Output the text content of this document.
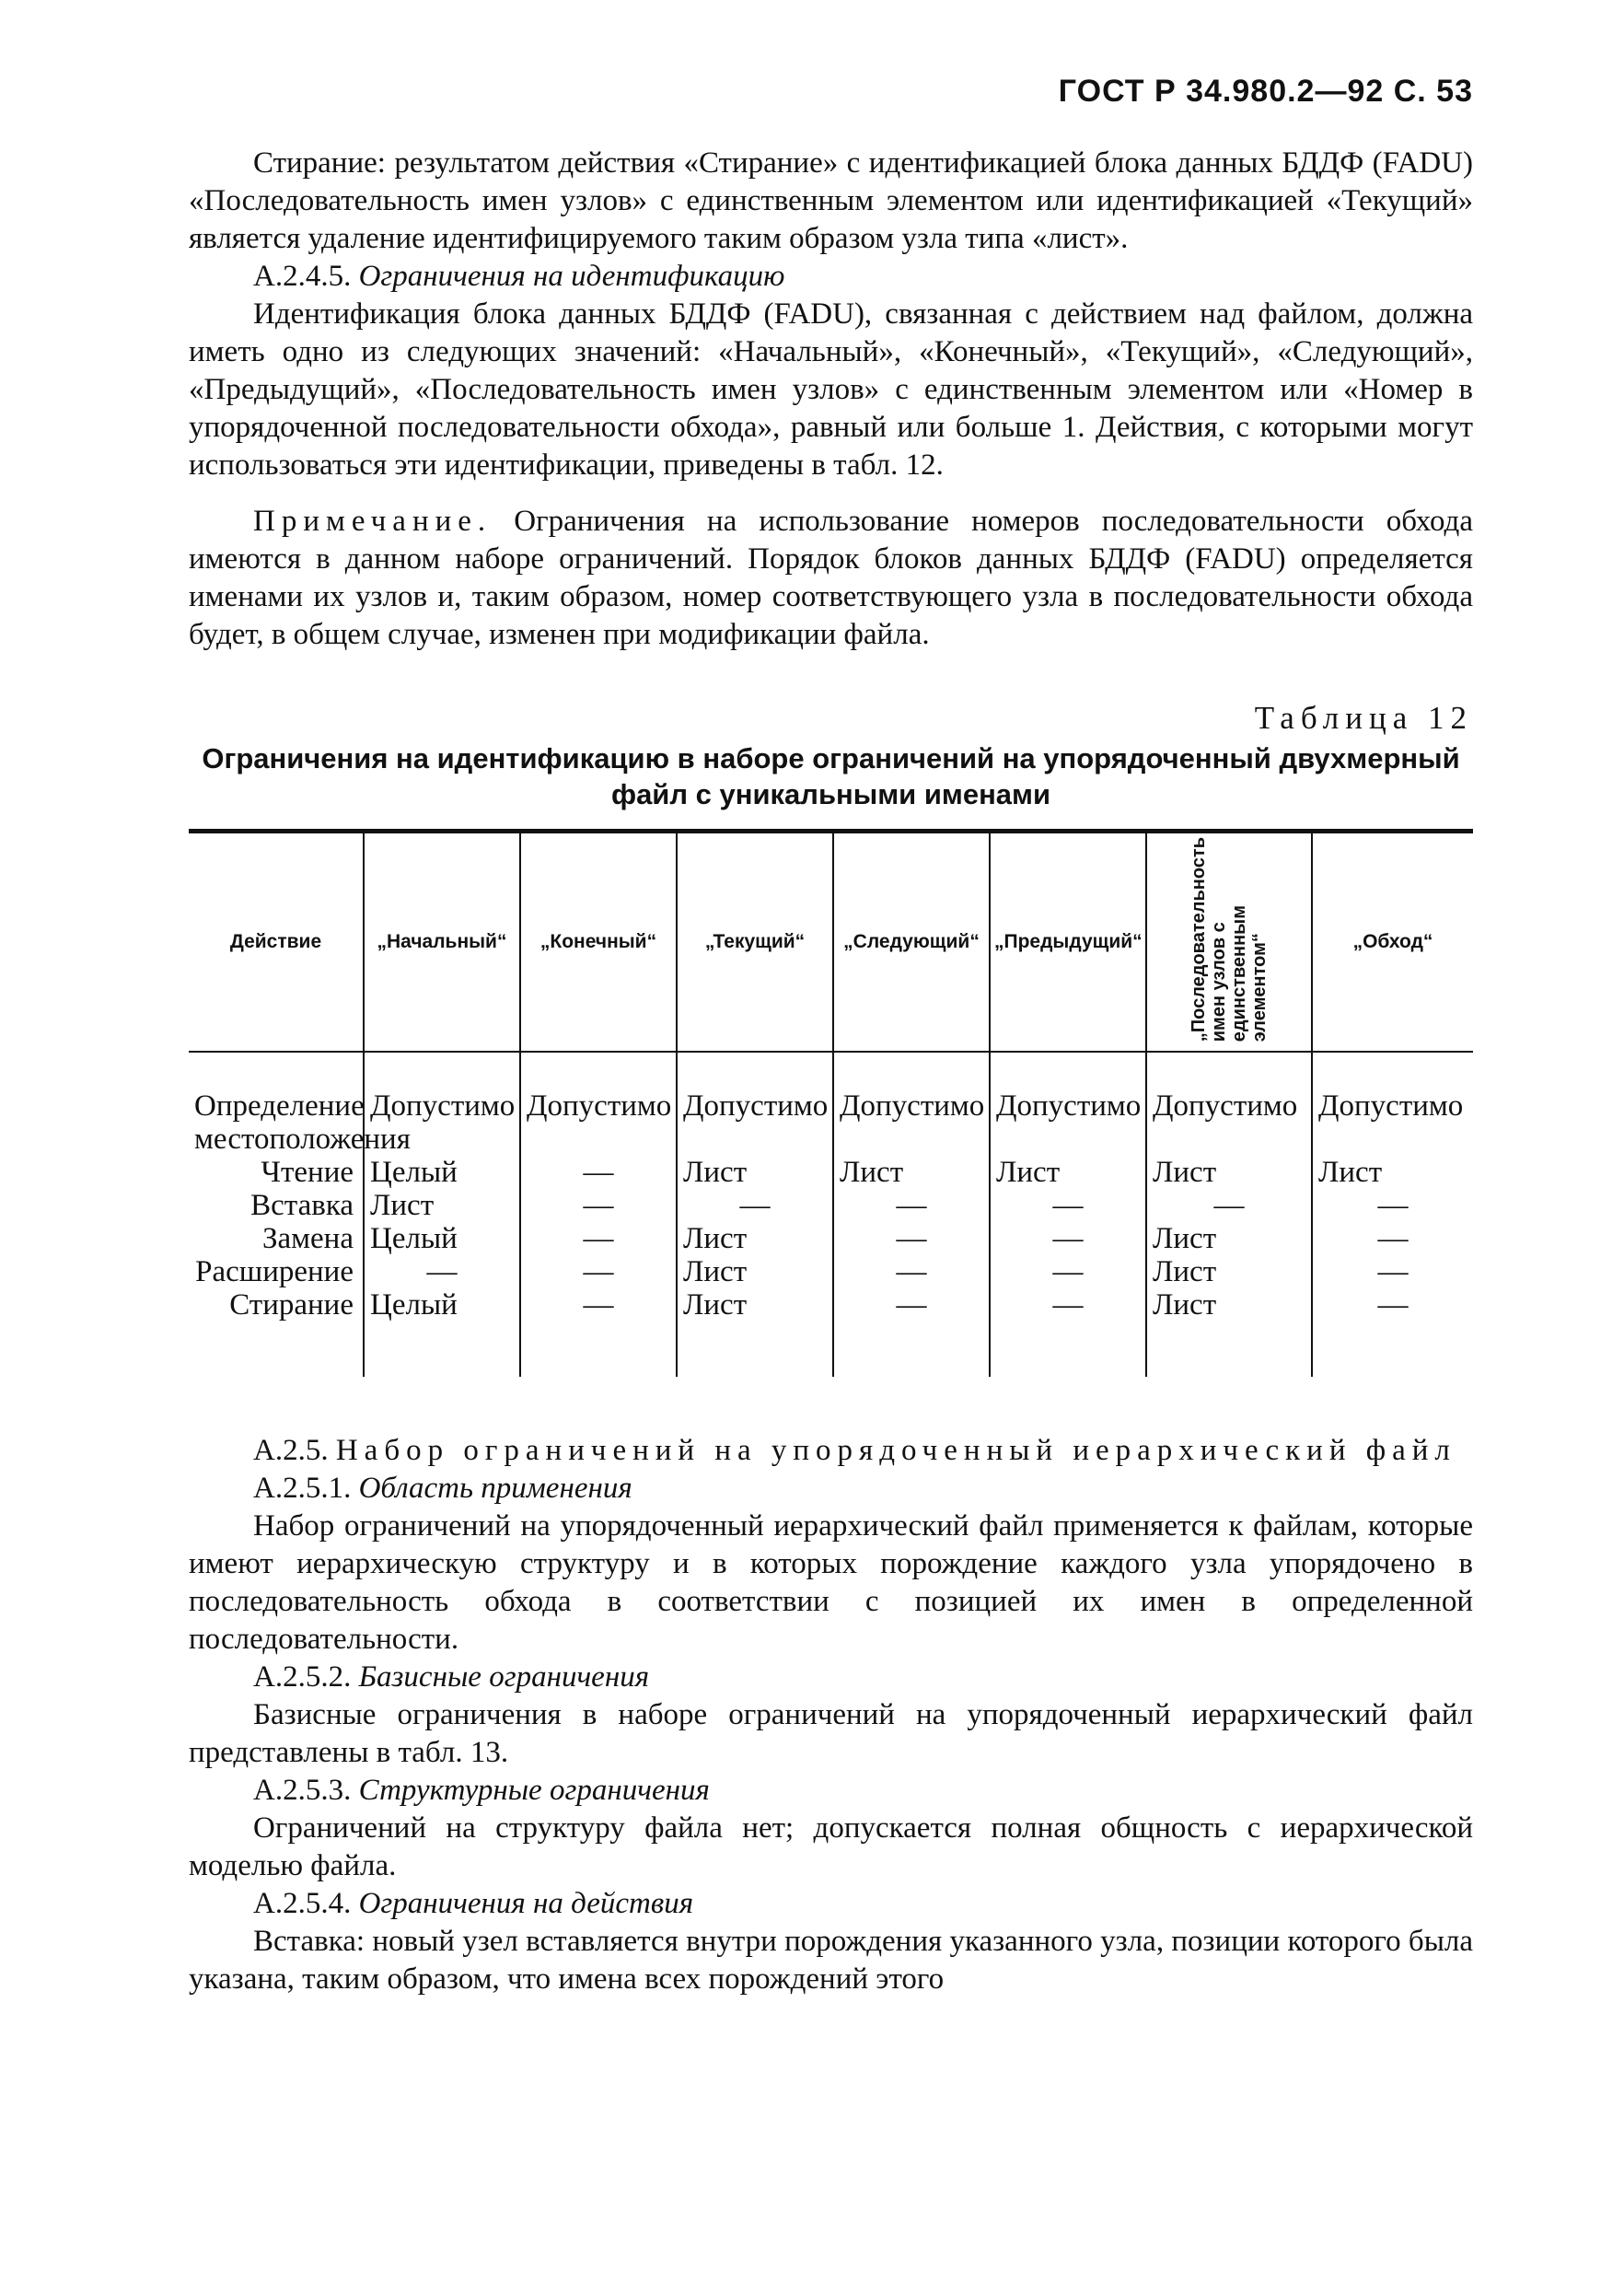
ГОСТ Р 34.980.2—92 С. 53

Стирание: результатом действия «Стирание» с идентификацией блока данных БДДФ (FADU) «Последовательность имен узлов» с единственным элементом или идентификацией «Текущий» является удаление идентифицируемого таким образом узла типа «лист».

А.2.4.5. Ограничения на идентификацию

Идентификация блока данных БДДФ (FADU), связанная с действием над файлом, должна иметь одно из следующих значений: «Начальный», «Конечный», «Текущий», «Следующий», «Предыдущий», «Последовательность имен узлов» с единственным элементом или «Номер в упорядоченной последовательности обхода», равный или больше 1. Действия, с которыми могут использоваться эти идентификации, приведены в табл. 12.

Примечание. Ограничения на использование номеров последовательности обхода имеются в данном наборе ограничений. Порядок блоков данных БДДФ (FADU) определяется именами их узлов и, таким образом, номер соответствующего узла в последовательности обхода будет, в общем случае, изменен при модификации файла.

Таблица 12
Ограничения на идентификацию в наборе ограничений на упорядоченный двухмерный файл с уникальными именами
Действие	„Начальный“	„Конечный“	„Текущий“	„Следующий“	„Предыдущий“	„Последовательность имен узлов с единственным элементом“	„Обход“
Определение местоположения	Допустимо	Допустимо	Допустимо	Допустимо	Допустимо	Допустимо	Допустимо
Чтение	Целый	—	Лист	Лист	Лист	Лист	Лист
Вставка	Лист	—	—	—	—	—	—
Замена	Целый	—	Лист	—	—	Лист	—
Расширение	—	—	Лист	—	—	Лист	—
Стирание	Целый	—	Лист	—	—	Лист	—

А.2.5. Набор ограничений на упорядоченный иерархический файл

А.2.5.1. Область применения

Набор ограничений на упорядоченный иерархический файл применяется к файлам, которые имеют иерархическую структуру и в которых порождение каждого узла упорядочено в последовательность обхода в соответствии с позицией их имен в определенной последовательности.

А.2.5.2. Базисные ограничения

Базисные ограничения в наборе ограничений на упорядоченный иерархический файл представлены в табл. 13.

А.2.5.3. Структурные ограничения

Ограничений на структуру файла нет; допускается полная общность с иерархической моделью файла.

А.2.5.4. Ограничения на действия

Вставка: новый узел вставляется внутри порождения указанного узла, позиции которого была указана, таким образом, что имена всех порождений этого
